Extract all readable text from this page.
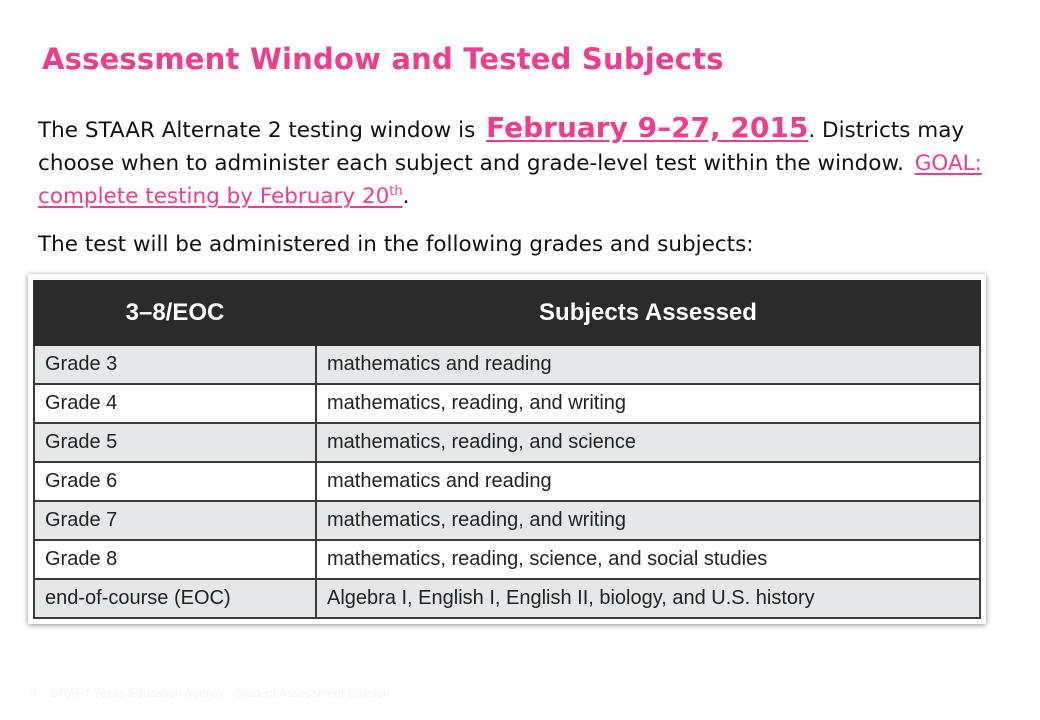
Assessment Window and Tested Subjects
The STAAR Alternate 2 testing window is February 9–27, 2015. Districts may choose when to administer each subject and grade-level test within the window. GOAL: complete testing by February 20th.
The test will be administered in the following grades and subjects:
3–8/EOC	Subjects Assessed
Grade 3	mathematics and reading
Grade 4	mathematics, reading, and writing
Grade 5	mathematics, reading, and science
Grade 6	mathematics and reading
Grade 7	mathematics, reading, and writing
Grade 8	mathematics, reading, science, and social studies
end-of-course (EOC)	Algebra I, English I, English II, biology, and U.S. history
4 DRAFT Texas Education Agency - Student Assessment Division
